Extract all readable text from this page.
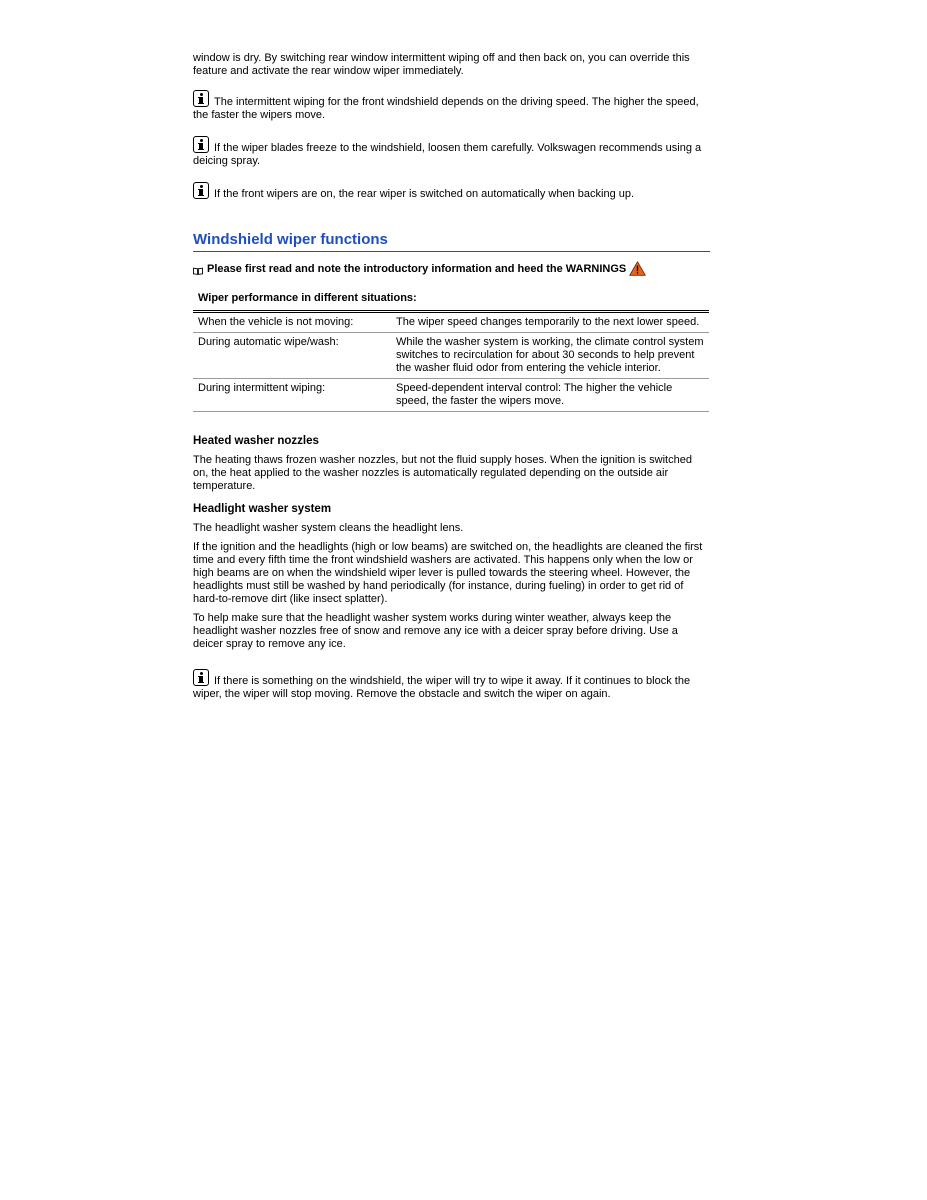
window is dry. By switching rear window intermittent wiping off and then back on, you can override this feature and activate the rear window wiper immediately.

The intermittent wiping for the front windshield depends on the driving speed. The higher the speed, the faster the wipers move.
If the wiper blades freeze to the windshield, loosen them carefully. Volkswagen recommends using a deicing spray.
If the front wipers are on, the rear wiper is switched on automatically when backing up.
Windshield wiper functions
Please first read and note the introductory information and heed the WARNINGS
Wiper performance in different situations:
When the vehicle is not moving:	The wiper speed changes temporarily to the next lower speed.
During automatic wipe/wash:	While the washer system is working, the climate control system switches to recirculation for about 30 seconds to help prevent the washer fluid odor from entering the vehicle interior.
During intermittent wiping:	Speed-dependent interval control: The higher the vehicle speed, the faster the wipers move.
Heated washer nozzles

The heating thaws frozen washer nozzles, but not the fluid supply hoses. When the ignition is switched on, the heat applied to the washer nozzles is automatically regulated depending on the outside air temperature.

Headlight washer system

The headlight washer system cleans the headlight lens.

If the ignition and the headlights (high or low beams) are switched on, the headlights are cleaned the first time and every fifth time the front windshield washers are activated. This happens only when the low or high beams are on when the windshield wiper lever is pulled towards the steering wheel. However, the headlights must still be washed by hand periodically (for instance, during fueling) in order to get rid of hard-to-remove dirt (like insect splatter).

To help make sure that the headlight washer system works during winter weather, always keep the headlight washer nozzles free of snow and remove any ice with a deicer spray before driving. Use a deicer spray to remove any ice.

If there is something on the windshield, the wiper will try to wipe it away. If it continues to block the wiper, the wiper will stop moving. Remove the obstacle and switch the wiper on again.
